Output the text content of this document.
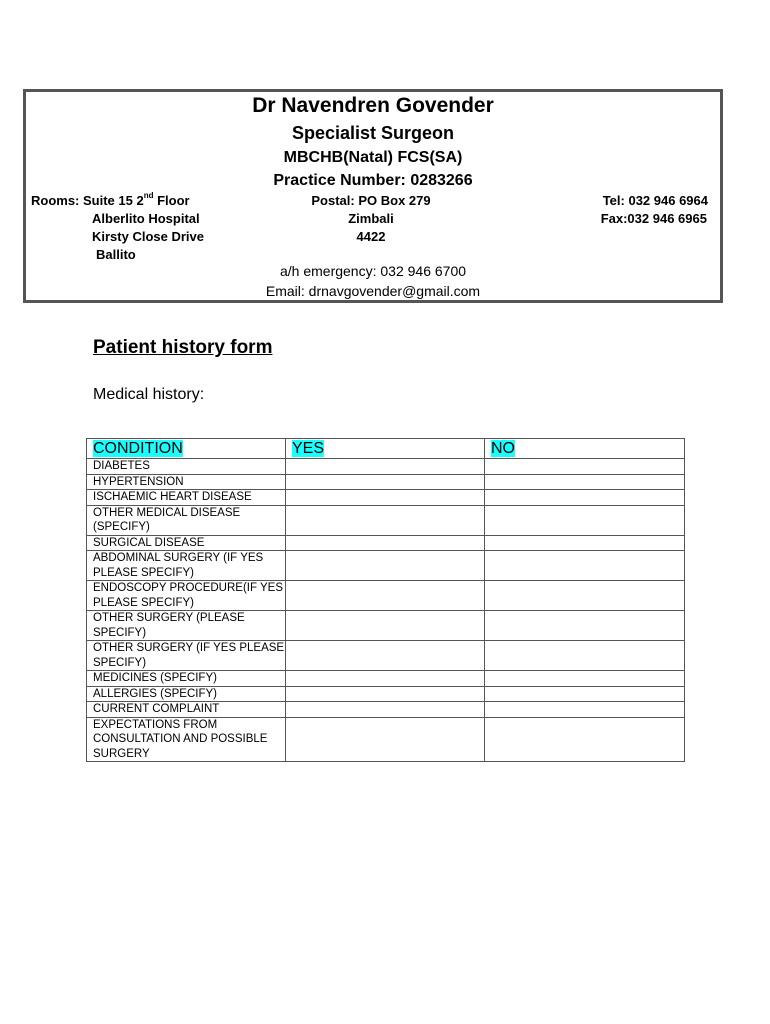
Dr Navendren Govender
Specialist Surgeon
MBCHB(Natal) FCS(SA)
Practice Number: 0283266
Rooms: Suite 15 2nd Floor
Alberlito Hospital
Kirsty Close Drive
Ballito
Postal: PO Box 279
Zimbali
4422
Tel: 032 946 6964
Fax:032 946 6965
a/h emergency: 032 946 6700
Email: drnavgovender@gmail.com
Patient history form
Medical history:
CONDITION	YES	NO
DIABETES		
HYPERTENSION		
ISCHAEMIC HEART DISEASE		
OTHER MEDICAL DISEASE (SPECIFY)		
SURGICAL DISEASE		
ABDOMINAL SURGERY (IF YES PLEASE SPECIFY)		
ENDOSCOPY PROCEDURE(IF YES PLEASE SPECIFY)		
OTHER SURGERY (PLEASE SPECIFY)		
OTHER SURGERY (IF YES PLEASE SPECIFY)		
MEDICINES (SPECIFY)		
ALLERGIES (SPECIFY)		
CURRENT COMPLAINT		
EXPECTATIONS FROM CONSULTATION AND POSSIBLE SURGERY		
